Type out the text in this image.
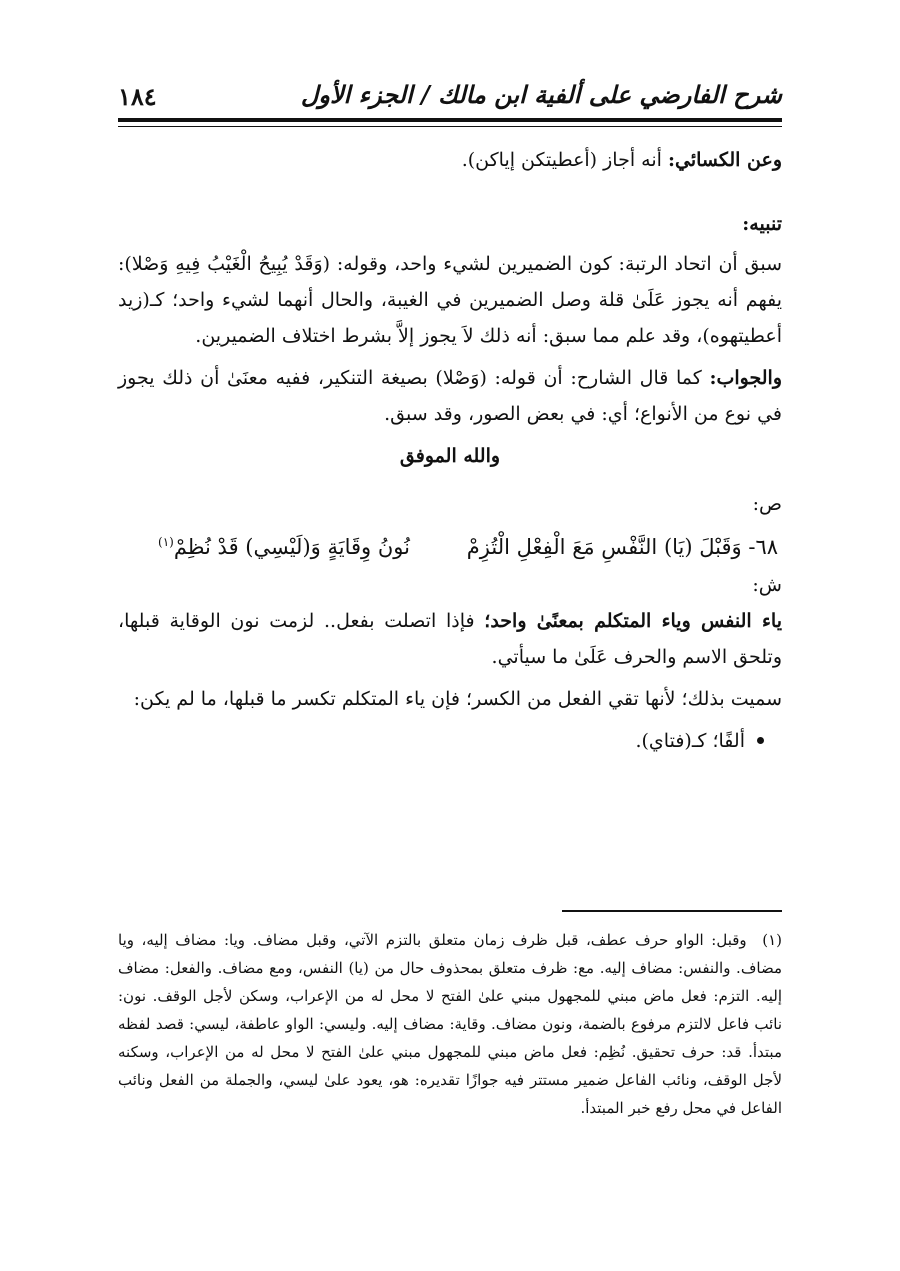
شرح الفارضي على ألفية ابن مالك / الجزء الأول
١٨٤

وعن الكسائي: أنه أجاز (أعطيتكن إياكن).

تنبيه:

سبق أن اتحاد الرتبة: كون الضميرين لشيء واحد، وقوله: (وَقَدْ يُبِيحُ الْغَيْبُ فِيهِ وَصْلا): يفهم أنه يجوز عَلَىٰ قلة وصل الضميرين في الغيبة، والحال أنهما لشيء واحد؛ كـ(زيد أعطيتهوه)، وقد علم مما سبق: أنه ذلك لاَ يجوز إلاَّ بشرط اختلاف الضميرين.

والجواب: كما قال الشارح: أن قوله: (وَصْلا) بصيغة التنكير، ففيه معنَىٰ أن ذلك يجوز في نوع من الأنواع؛ أي: في بعض الصور، وقد سبق.

والله الموفق

ص:

٦٨- وَقَبْلَ (يَا) النَّفْسِ مَعَ الْفِعْلِ الْتُزِمْ
نُونُ وِقَايَةٍ وَ(لَيْسِي) قَدْ نُظِمْ$^{(١)}$

ش:

ياء النفس وياء المتكلم بمعنًىٰ واحد؛ فإذا اتصلت بفعل.. لزمت نون الوقاية قبلها، وتلحق الاسم والحرف عَلَىٰ ما سيأتي.

سميت بذلك؛ لأنها تقي الفعل من الكسر؛ فإن ياء المتكلم تكسر ما قبلها، ما لم يكن:

ألفًا؛ كـ(فتاي).
(١) وقبل: الواو حرف عطف، قبل ظرف زمان متعلق بالتزم الآتي، وقبل مضاف. ويا: مضاف إليه، ويا مضاف. والنفس: مضاف إليه. مع: ظرف متعلق بمحذوف حال من (يا) النفس، ومع مضاف. والفعل: مضاف إليه. التزم: فعل ماض مبني للمجهول مبني علىٰ الفتح لا محل له من الإعراب، وسكن لأجل الوقف. نون: نائب فاعل لالتزم مرفوع بالضمة، ونون مضاف. وقاية: مضاف إليه. وليسي: الواو عاطفة، ليسي: قصد لفظه مبتدأ. قد: حرف تحقيق. نُظِم: فعل ماض مبني للمجهول مبني علىٰ الفتح لا محل له من الإعراب، وسكنه لأجل الوقف، ونائب الفاعل ضمير مستتر فيه جوازًا تقديره: هو، يعود علىٰ ليسي، والجملة من الفعل ونائب الفاعل في محل رفع خبر المبتدأ.
